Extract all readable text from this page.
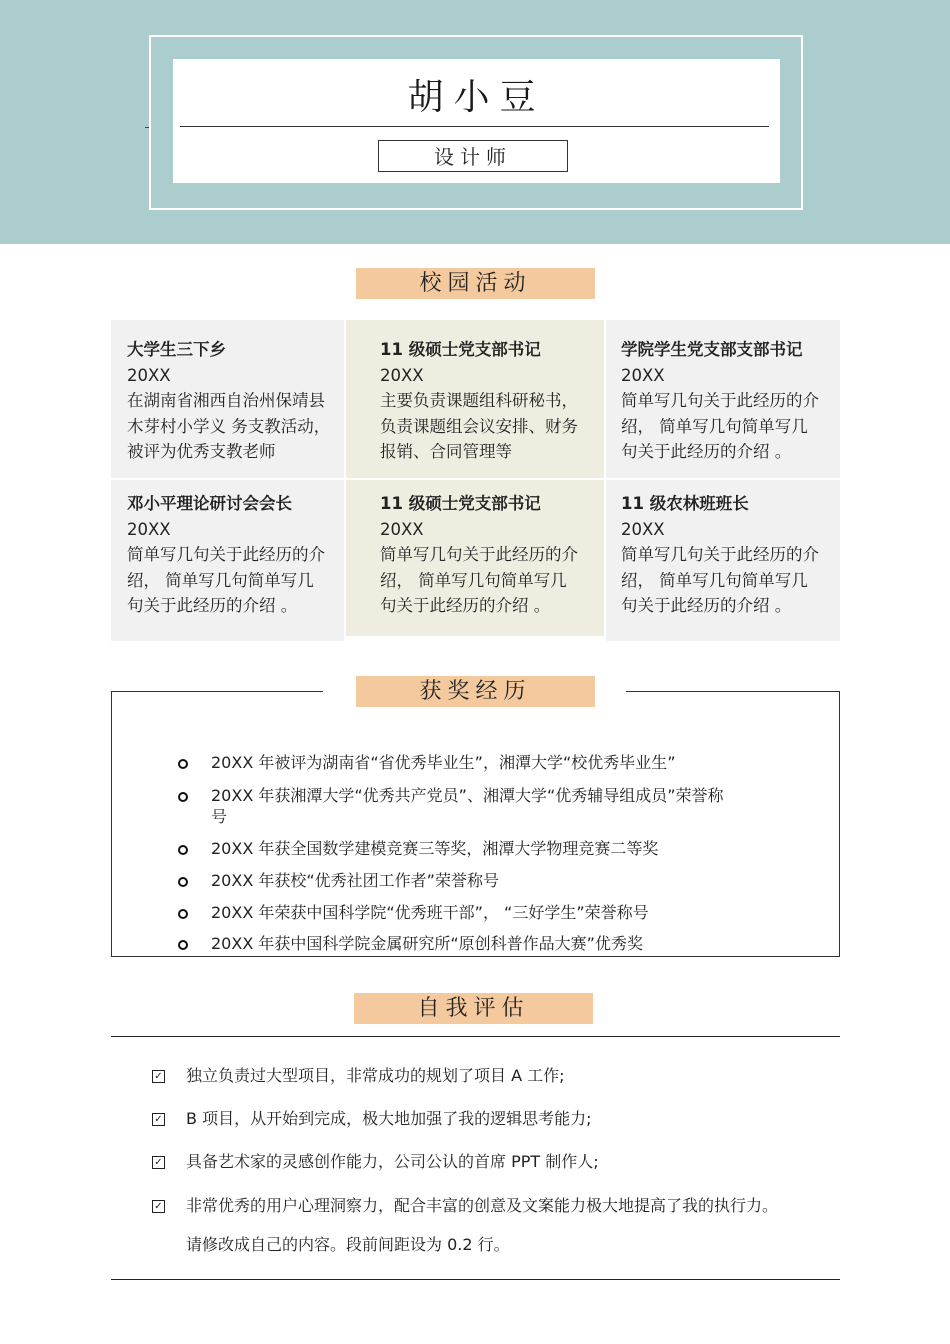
胡小豆
设计师
校园活动
大学生三下乡
20XX
在湖南省湘西自治州保靖县
木芽村小学义 务支教活动，
被评为优秀支教老师
11 级硕士党支部书记
20XX
主要负责课题组科研秘书，
负责课题组会议安排、财务
报销、合同管理等
学院学生党支部支部书记
20XX
简单写几句关于此经历的介
绍， 简单写几句简单写几
句关于此经历的介绍 。
邓小平理论研讨会会长
20XX
简单写几句关于此经历的介
绍， 简单写几句简单写几
句关于此经历的介绍 。
11 级硕士党支部书记
20XX
简单写几句关于此经历的介
绍， 简单写几句简单写几
句关于此经历的介绍 。
11 级农林班班长
20XX
简单写几句关于此经历的介
绍， 简单写几句简单写几
句关于此经历的介绍 。
获奖经历
20XX 年被评为湖南省“省优秀毕业生”，湘潭大学“校优秀毕业生”
20XX 年获湘潭大学“优秀共产党员”、湘潭大学“优秀辅导组成员”荣誉称
号
20XX 年获全国数学建模竞赛三等奖，湘潭大学物理竞赛二等奖
20XX 年获校“优秀社团工作者”荣誉称号
20XX 年荣获中国科学院“优秀班干部”， “三好学生”荣誉称号
20XX 年获中国科学院金属研究所“原创科普作品大赛”优秀奖
自我评估
✓ 独立负责过大型项目，非常成功的规划了项目 A 工作;
✓ B 项目，从开始到完成，极大地加强了我的逻辑思考能力;
✓ 具备艺术家的灵感创作能力，公司公认的首席 PPT 制作人;
✓ 非常优秀的用户心理洞察力，配合丰富的创意及文案能力极大地提高了我的执行力。
请修改成自己的内容。段前间距设为 0.2 行。
